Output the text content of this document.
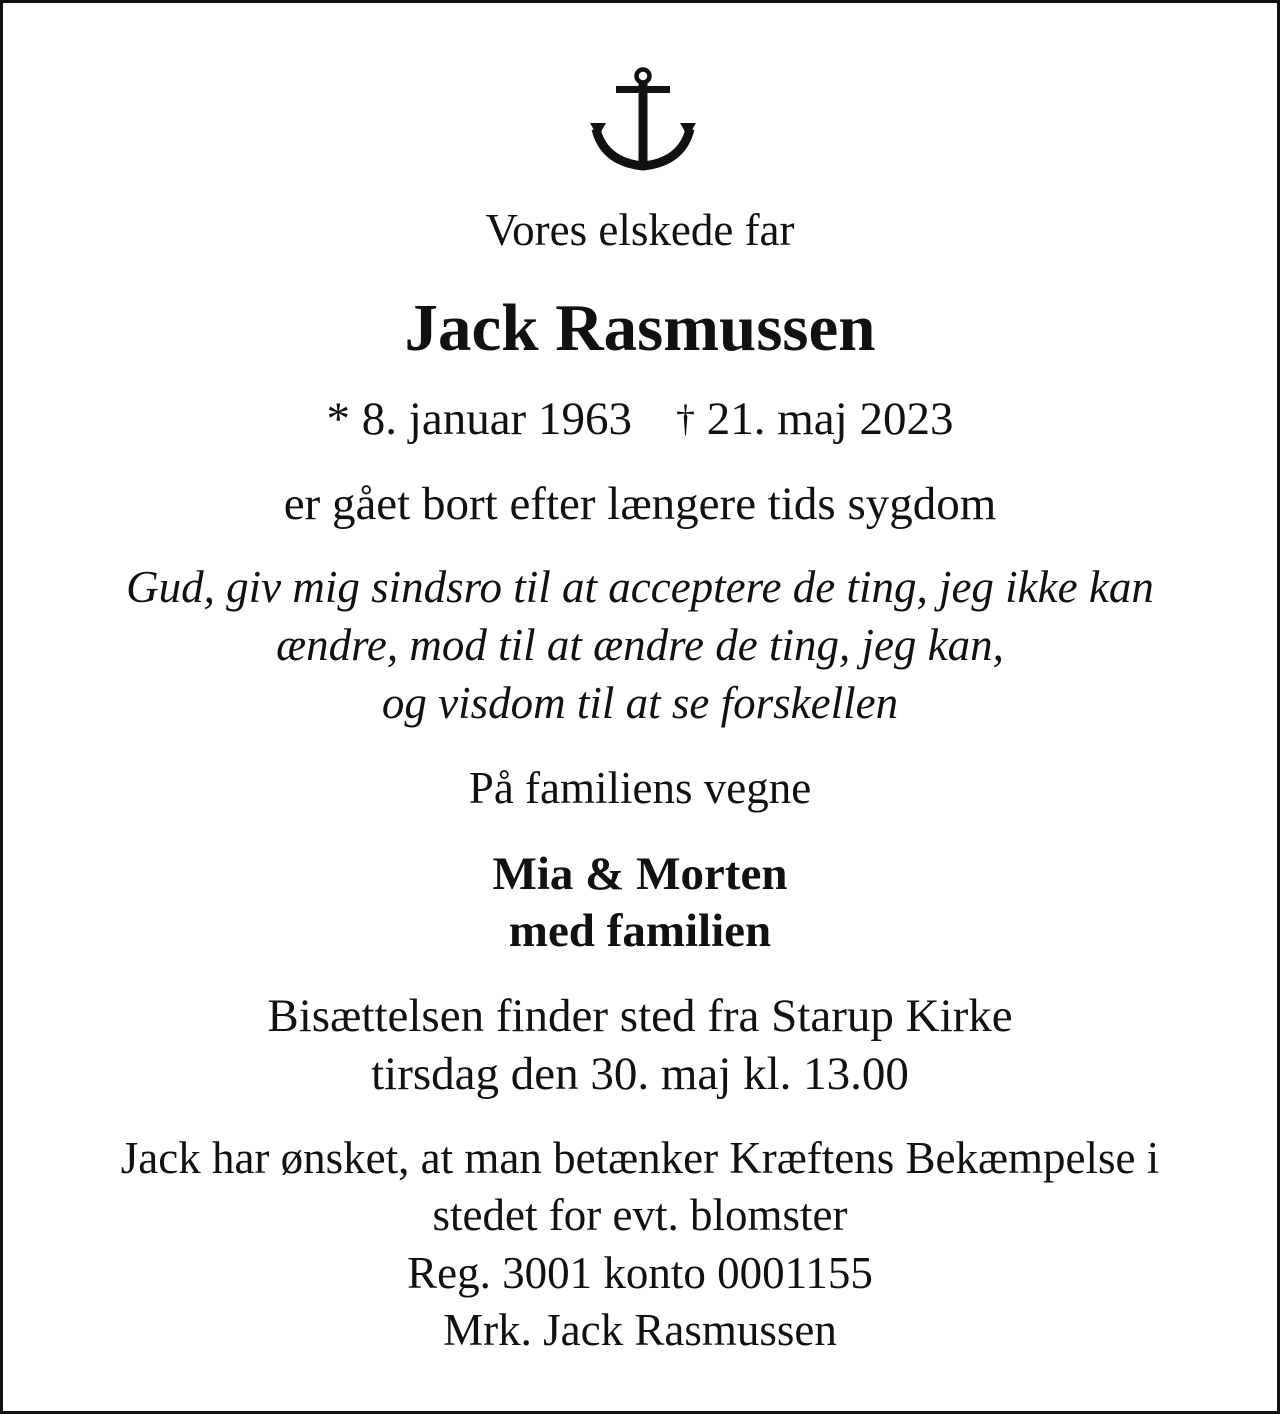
Vores elskede far
Jack Rasmussen
* 8. januar 1963 † 21. maj 2023
er gået bort efter længere tids sygdom
Gud, giv mig sindsro til at acceptere de ting, jeg ikke kan
ændre, mod til at ændre de ting, jeg kan,
og visdom til at se forskellen
På familiens vegne
Mia & Morten
med familien
Bisættelsen finder sted fra Starup Kirke
tirsdag den 30. maj kl. 13.00
Jack har ønsket, at man betænker Kræftens Bekæmpelse i
stedet for evt. blomster
Reg. 3001 konto 0001155
Mrk. Jack Rasmussen
